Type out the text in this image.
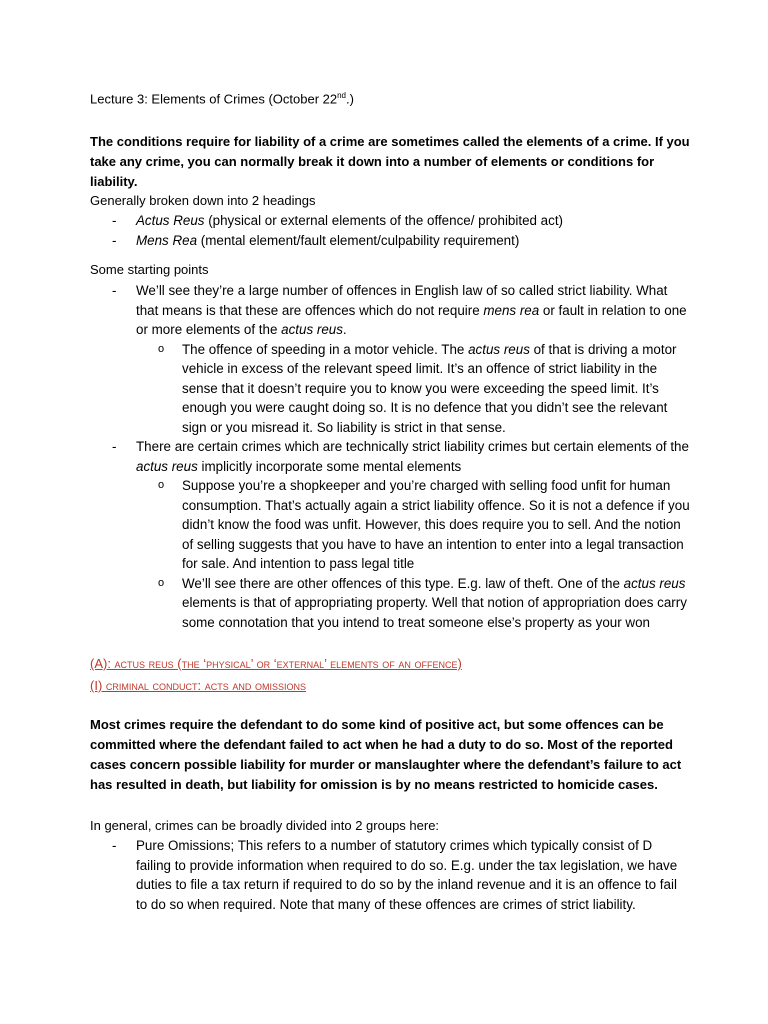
Lecture 3: Elements of Crimes (October 22nd.)
The conditions require for liability of a crime are sometimes called the elements of a crime. If you take any crime, you can normally break it down into a number of elements or conditions for liability.
Generally broken down into 2 headings
-
Actus Reus (physical or external elements of the offence/ prohibited act)
-
Mens Rea (mental element/fault element/culpability requirement)
Some starting points
-
We’ll see they’re a large number of offences in English law of so called strict liability. What that means is that these are offences which do not require mens rea or fault in relation to one or more elements of the actus reus.
o
The offence of speeding in a motor vehicle. The actus reus of that is driving a motor vehicle in excess of the relevant speed limit. It’s an offence of strict liability in the sense that it doesn’t require you to know you were exceeding the speed limit. It’s enough you were caught doing so. It is no defence that you didn’t see the relevant sign or you misread it. So liability is strict in that sense.
-
There are certain crimes which are technically strict liability crimes but certain elements of the actus reus implicitly incorporate some mental elements
o
Suppose you’re a shopkeeper and you’re charged with selling food unfit for human consumption. That’s actually again a strict liability offence. So it is not a defence if you didn’t know the food was unfit. However, this does require you to sell. And the notion of selling suggests that you have to have an intention to enter into a legal transaction for sale. And intention to pass legal title
o
We’ll see there are other offences of this type. E.g. law of theft. One of the actus reus elements is that of appropriating property. Well that notion of appropriation does carry some connotation that you intend to treat someone else’s property as your won
(A): actus reus (the ‘physical’ or ‘external’ elements of an offence)
(I) criminal conduct: acts and omissions
Most crimes require the defendant to do some kind of positive act, but some offences can be committed where the defendant failed to act when he had a duty to do so. Most of the reported cases concern possible liability for murder or manslaughter where the defendant’s failure to act has resulted in death, but liability for omission is by no means restricted to homicide cases.
In general, crimes can be broadly divided into 2 groups here:
-
Pure Omissions; This refers to a number of statutory crimes which typically consist of D failing to provide information when required to do so. E.g. under the tax legislation, we have duties to file a tax return if required to do so by the inland revenue and it is an offence to fail to do so when required. Note that many of these offences are crimes of strict liability.
